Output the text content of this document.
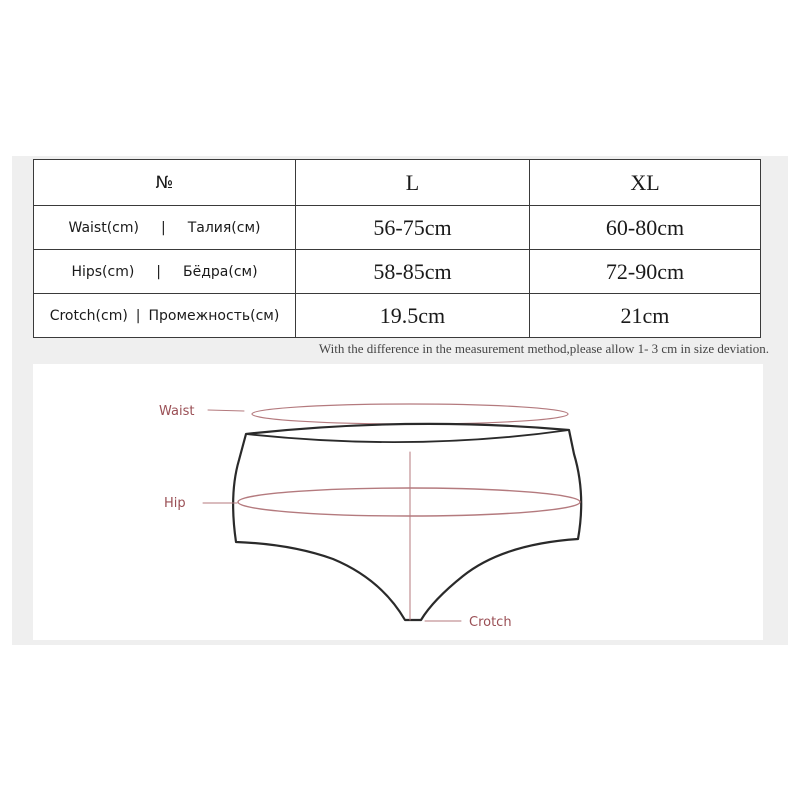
№	L	XL
Waist(cm) | Талия(см)	56-75cm	60-80cm
Hips(cm) | Бёдра(см)	58-85cm	72-90cm
Crotch(cm) | Промежность(см)	19.5cm	21cm
With the difference in the measurement method,please allow 1- 3 cm in size deviation.
Waist
Hip
Crotch
